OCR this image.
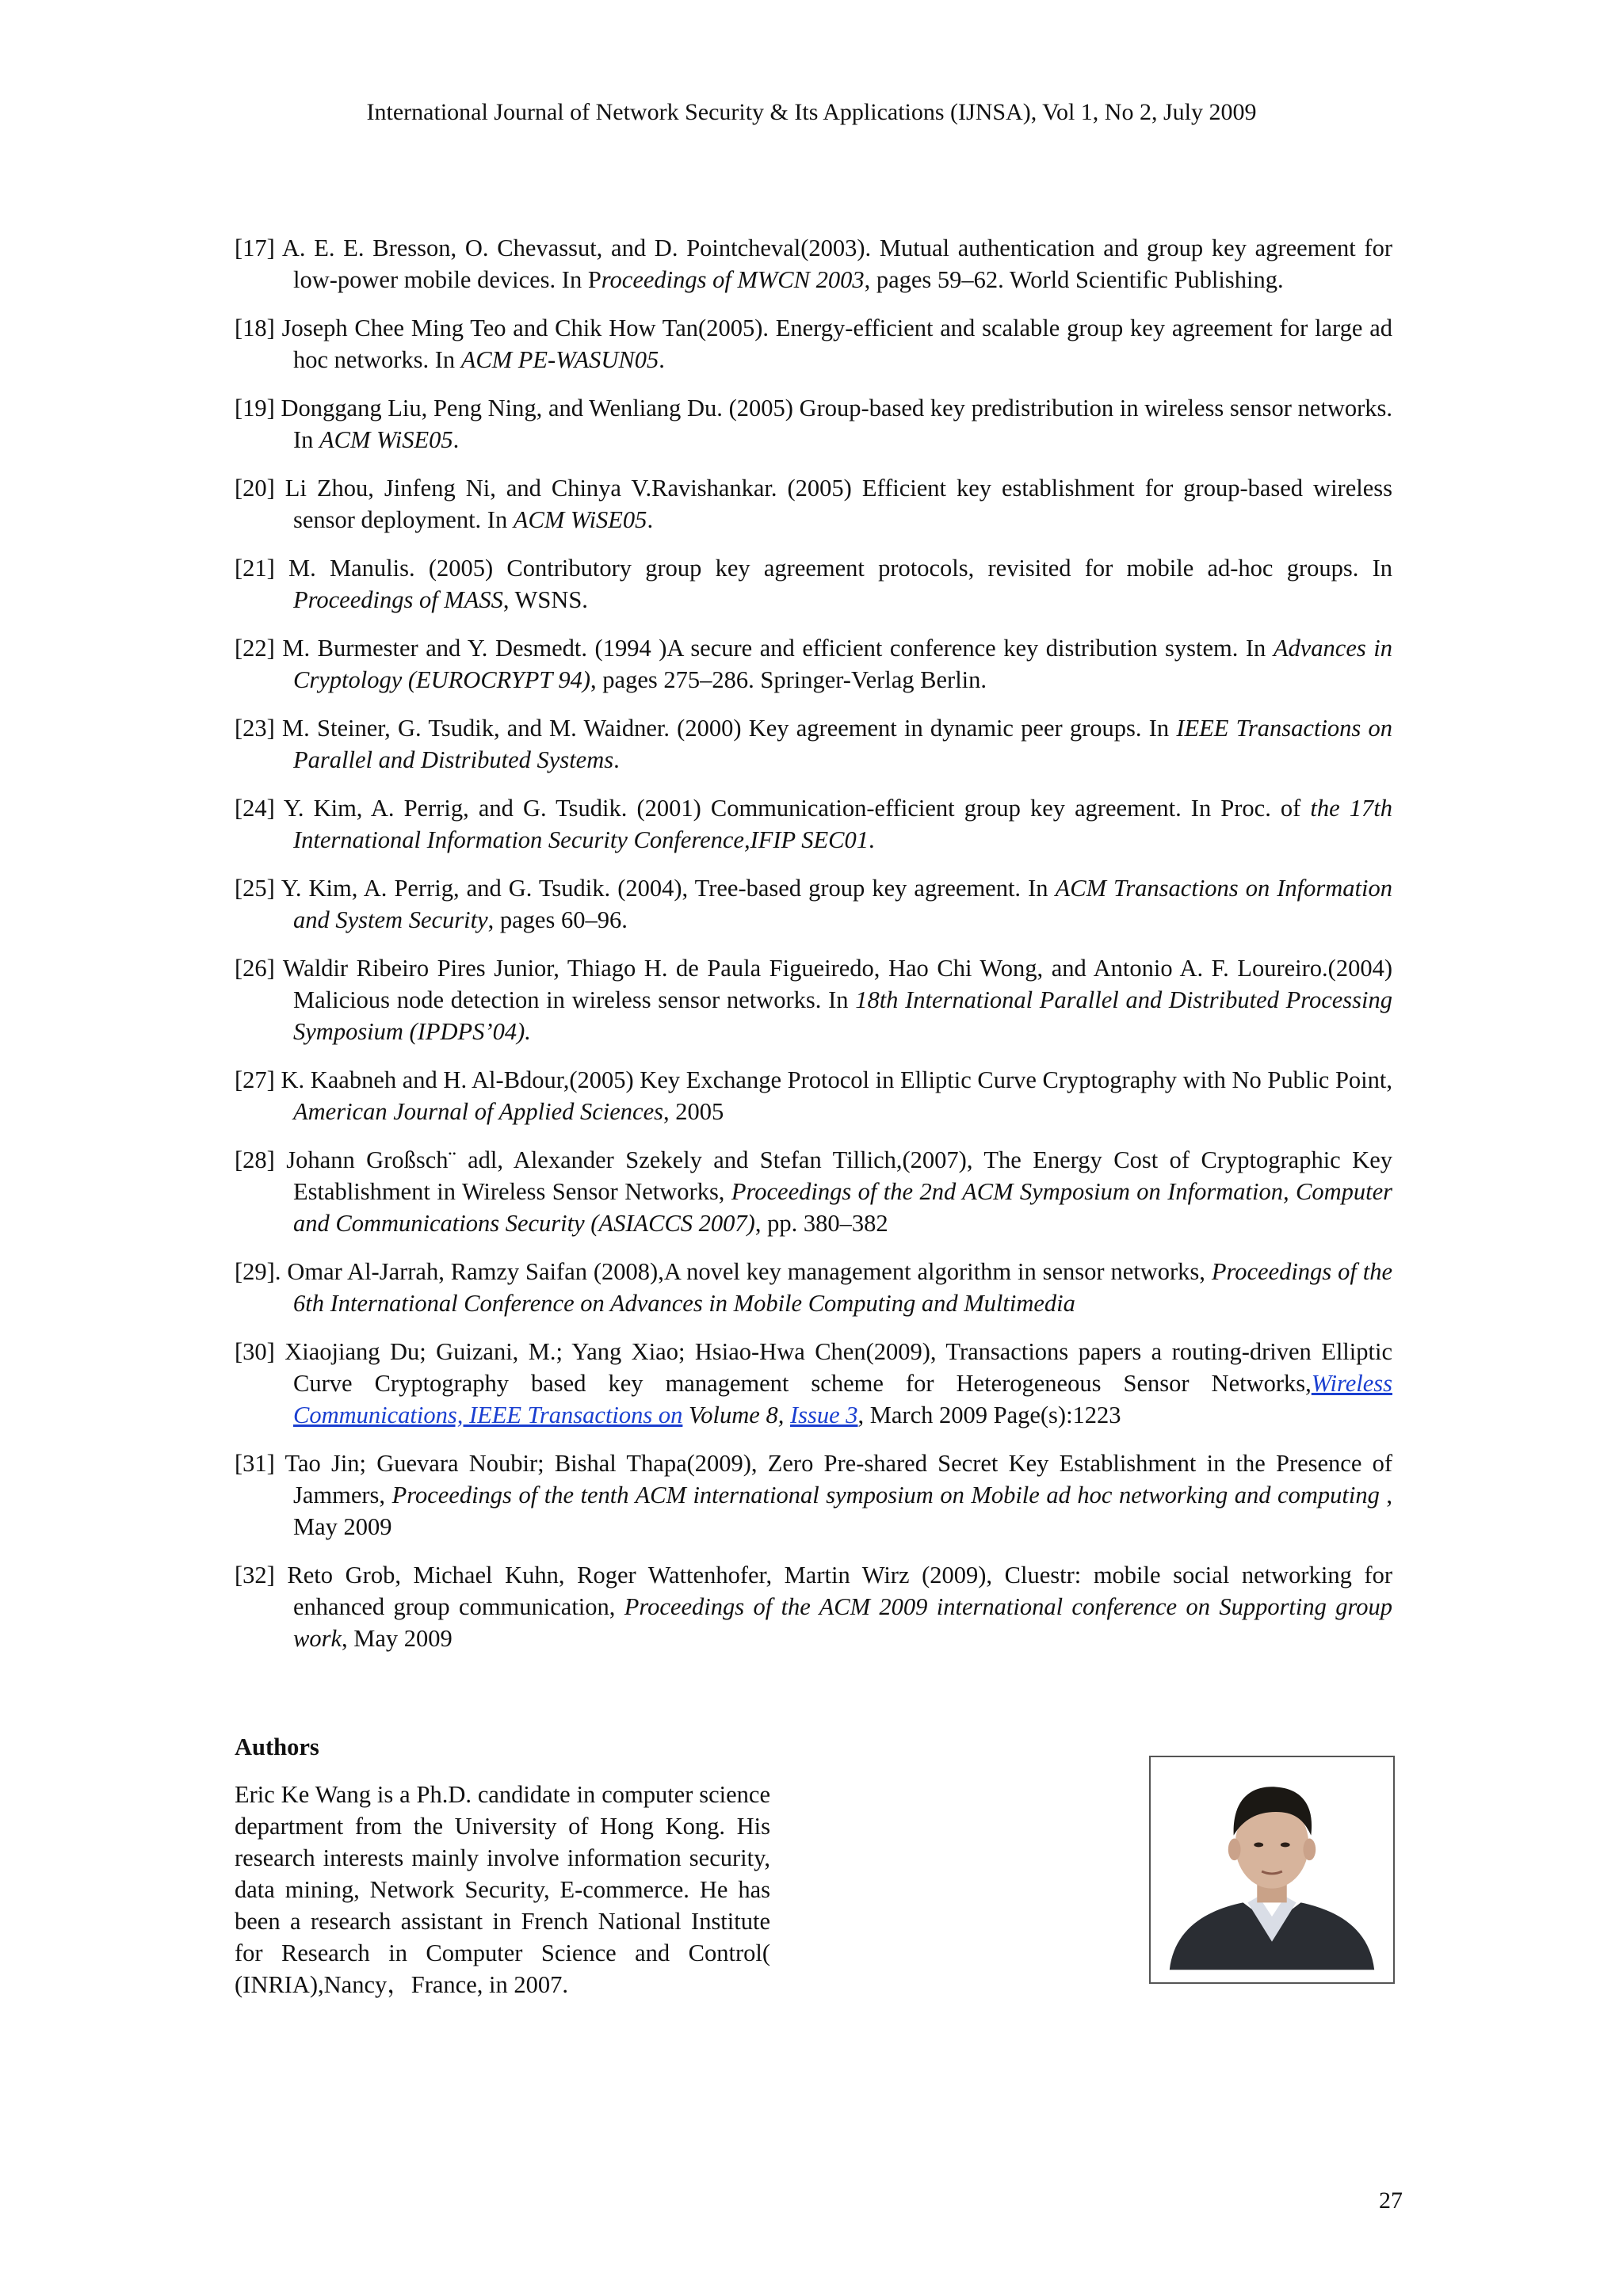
International Journal of Network Security & Its Applications (IJNSA), Vol 1, No 2, July 2009

[17] A. E. E. Bresson, O. Chevassut, and D. Pointcheval(2003). Mutual authentication and group key agreement for low-power mobile devices. In Proceedings of MWCN 2003, pages 59–62. World Scientific Publishing.

[18] Joseph Chee Ming Teo and Chik How Tan(2005). Energy-efficient and scalable group key agreement for large ad hoc networks. In ACM PE-WASUN05.

[19] Donggang Liu, Peng Ning, and Wenliang Du. (2005) Group-based key predistribution in wireless sensor networks. In ACM WiSE05.

[20] Li Zhou, Jinfeng Ni, and Chinya V.Ravishankar. (2005) Efficient key establishment for group-based wireless sensor deployment. In ACM WiSE05.

[21] M. Manulis. (2005) Contributory group key agreement protocols, revisited for mobile ad-hoc groups. In Proceedings of MASS, WSNS.

[22] M. Burmester and Y. Desmedt. (1994 )A secure and efficient conference key distribution system. In Advances in Cryptology (EUROCRYPT 94), pages 275–286. Springer-Verlag Berlin.

[23] M. Steiner, G. Tsudik, and M. Waidner. (2000) Key agreement in dynamic peer groups. In IEEE Transactions on Parallel and Distributed Systems.

[24] Y. Kim, A. Perrig, and G. Tsudik. (2001) Communication-efficient group key agreement. In Proc. of the 17th International Information Security Conference,IFIP SEC01.

[25] Y. Kim, A. Perrig, and G. Tsudik. (2004), Tree-based group key agreement. In ACM Transactions on Information and System Security, pages 60–96.

[26] Waldir Ribeiro Pires Junior, Thiago H. de Paula Figueiredo, Hao Chi Wong, and Antonio A. F. Loureiro.(2004) Malicious node detection in wireless sensor networks. In 18th International Parallel and Distributed Processing Symposium (IPDPS’04).

[27] K. Kaabneh and H. Al-Bdour,(2005) Key Exchange Protocol in Elliptic Curve Cryptography with No Public Point, American Journal of Applied Sciences, 2005

[28] Johann Großsch¨ adl, Alexander Szekely and Stefan Tillich,(2007), The Energy Cost of Cryptographic Key Establishment in Wireless Sensor Networks, Proceedings of the 2nd ACM Symposium on Information, Computer and Communications Security (ASIACCS 2007), pp. 380–382

[29]. Omar Al-Jarrah, Ramzy Saifan (2008),A novel key management algorithm in sensor networks, Proceedings of the 6th International Conference on Advances in Mobile Computing and Multimedia

[30] Xiaojiang Du; Guizani, M.; Yang Xiao; Hsiao-Hwa Chen(2009), Transactions papers a routing-driven Elliptic Curve Cryptography based key management scheme for Heterogeneous Sensor Networks,Wireless Communications, IEEE Transactions on Volume 8, Issue 3, March 2009 Page(s):1223

[31] Tao Jin; Guevara Noubir; Bishal Thapa(2009), Zero Pre-shared Secret Key Establishment in the Presence of Jammers, Proceedings of the tenth ACM international symposium on Mobile ad hoc networking and computing , May 2009

[32] Reto Grob, Michael Kuhn, Roger Wattenhofer, Martin Wirz (2009), Cluestr: mobile social networking for enhanced group communication, Proceedings of the ACM 2009 international conference on Supporting group work, May 2009

Authors
Eric Ke Wang is a Ph.D. candidate in computer science department from the University of Hong Kong. His research interests mainly involve information security, data mining, Network Security, E-commerce. He has been a research assistant in French National Institute for Research in Computer Science and Control( (INRIA),Nancy，France, in 2007.
27
